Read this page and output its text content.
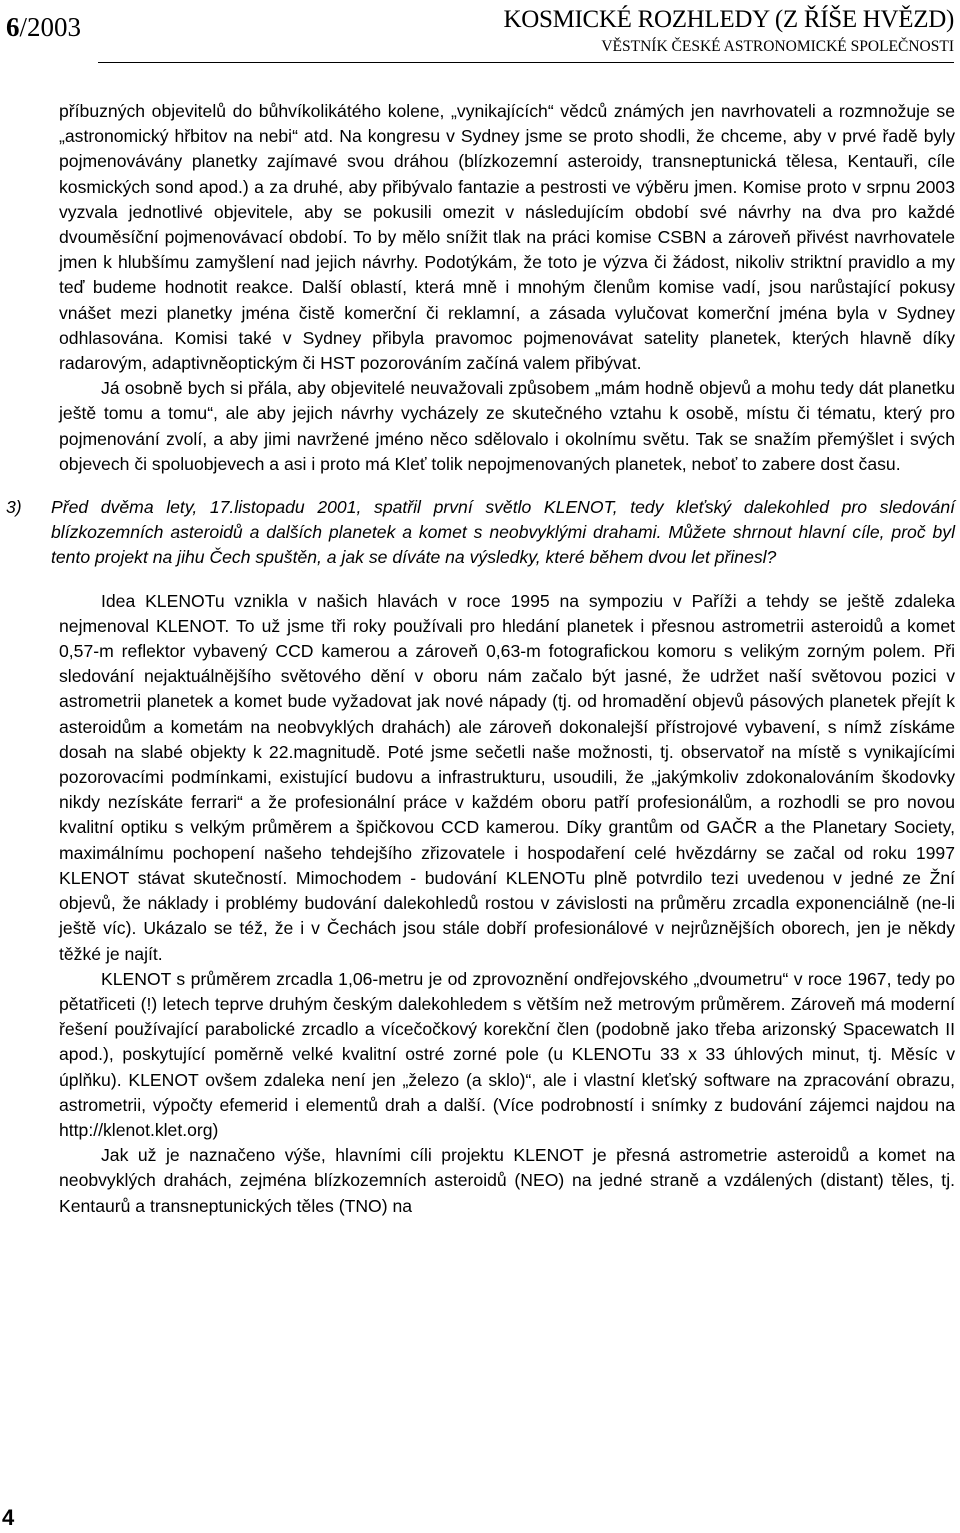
6/2003	KOSMICKÉ ROZHLEDY (Z ŘÍŠE HVĚZD)
VĚSTNÍK ČESKÉ ASTRONOMICKÉ SPOLEČNOSTI

příbuzných objevitelů do bůhvíkolikátého kolene, „vynikajících“ vědců známých jen navrhovateli a rozmnožuje se „astronomický hřbitov na nebi“ atd. Na kongresu v Sydney jsme se proto shodli, že chceme, aby v prvé řadě byly pojmenovávány planetky zajímavé svou dráhou (blízkozemní asteroidy, transneptunická tělesa, Kentauři, cíle kosmických sond apod.) a za druhé, aby přibývalo fantazie a pestrosti ve výběru jmen. Komise proto v srpnu 2003 vyzvala jednotlivé objevitele, aby se pokusili omezit v následujícím období své návrhy na dva pro každé dvouměsíční pojmenovávací období. To by mělo snížit tlak na práci komise CSBN a zároveň přivést navrhovatele jmen k hlubšímu zamyšlení nad jejich návrhy. Podotýkám, že toto je výzva či žádost, nikoliv striktní pravidlo a my teď budeme hodnotit reakce. Další oblastí, která mně i mnohým členům komise vadí, jsou narůstající pokusy vnášet mezi planetky jména čistě komerční či reklamní, a zásada vylučovat komerční jména byla v Sydney odhlasována. Komisi také v Sydney přibyla pravomoc pojmenovávat satelity planetek, kterých hlavně díky radarovým, adaptivněoptickým či HST pozorováním začíná valem přibývat.

Já osobně bych si přála, aby objevitelé neuvažovali způsobem „mám hodně objevů a mohu tedy dát planetku ještě tomu a tomu“, ale aby jejich návrhy vycházely ze skutečného vztahu k osobě, místu či tématu, který pro pojmenování zvolí, a aby jimi navržené jméno něco sdělovalo i okolnímu světu. Tak se snažím přemýšlet i svých objevech či spoluobjevech a asi i proto má Kleť tolik nepojmenovaných planetek, neboť to zabere dost času.

3) Před dvěma lety, 17.listopadu 2001, spatřil první světlo KLENOT, tedy kleťský dalekohled pro sledování blízkozemních asteroidů a dalších planetek a komet s neobvyklými drahami. Můžete shrnout hlavní cíle, proč byl tento projekt na jihu Čech spuštěn, a jak se díváte na výsledky, které během dvou let přinesl?

Idea KLENOTu vznikla v našich hlavách v roce 1995 na sympoziu v Paříži a tehdy se ještě zdaleka nejmenoval KLENOT. To už jsme tři roky používali pro hledání planetek i přesnou astrometrii asteroidů a komet 0,57-m reflektor vybavený CCD kamerou a zároveň 0,63-m fotografickou komoru s velikým zorným polem. Při sledování nejaktuálnějšího světového dění v oboru nám začalo být jasné, že udržet naší světovou pozici v astrometrii planetek a komet bude vyžadovat jak nové nápady (tj. od hromadění objevů pásových planetek přejít k asteroidům a kometám na neobvyklých drahách) ale zároveň dokonalejší přístrojové vybavení, s nímž získáme dosah na slabé objekty k 22.magnitudě. Poté jsme sečetli naše možnosti, tj. observatoř na místě s vynikajícími pozorovacími podmínkami, existující budovu a infrastrukturu, usoudili, že „jakýmkoliv zdokonalováním škodovky nikdy nezískáte ferrari“ a že profesionální práce v každém oboru patří profesionálům, a rozhodli se pro novou kvalitní optiku s velkým průměrem a špičkovou CCD kamerou. Díky grantům od GAČR a the Planetary Society, maximálnímu pochopení našeho tehdejšího zřizovatele i hospodaření celé hvězdárny se začal od roku 1997 KLENOT stávat skutečností. Mimochodem - budování KLENOTu plně potvrdilo tezi uvedenou v jedné ze Žní objevů, že náklady i problémy budování dalekohledů rostou v závislosti na průměru zrcadla exponenciálně (ne-li ještě víc). Ukázalo se též, že i v Čechách jsou stále dobří profesionálové v nejrůznějších oborech, jen je někdy těžké je najít.

KLENOT s průměrem zrcadla 1,06-metru je od zprovoznění ondřejovského „dvoumetru“ v roce 1967, tedy po pětatřiceti (!) letech teprve druhým českým dalekohledem s větším než metrovým průměrem. Zároveň má moderní řešení používající parabolické zrcadlo a vícečočkový korekční člen (podobně jako třeba arizonský Spacewatch II apod.), poskytující poměrně velké kvalitní ostré zorné pole (u KLENOTu 33 x 33 úhlových minut, tj. Měsíc v úplňku). KLENOT ovšem zdaleka není jen „železo (a sklo)“, ale i vlastní kleťský software na zpracování obrazu, astrometrii, výpočty efemerid i elementů drah a další. (Více podrobností i snímky z budování zájemci najdou na http://klenot.klet.org)

Jak už je naznačeno výše, hlavními cíli projektu KLENOT je přesná astrometrie asteroidů a komet na neobvyklých drahách, zejména blízkozemních asteroidů (NEO) na jedné straně a vzdálených (distant) těles, tj. Kentaurů a transneptunických těles (TNO) na

4
